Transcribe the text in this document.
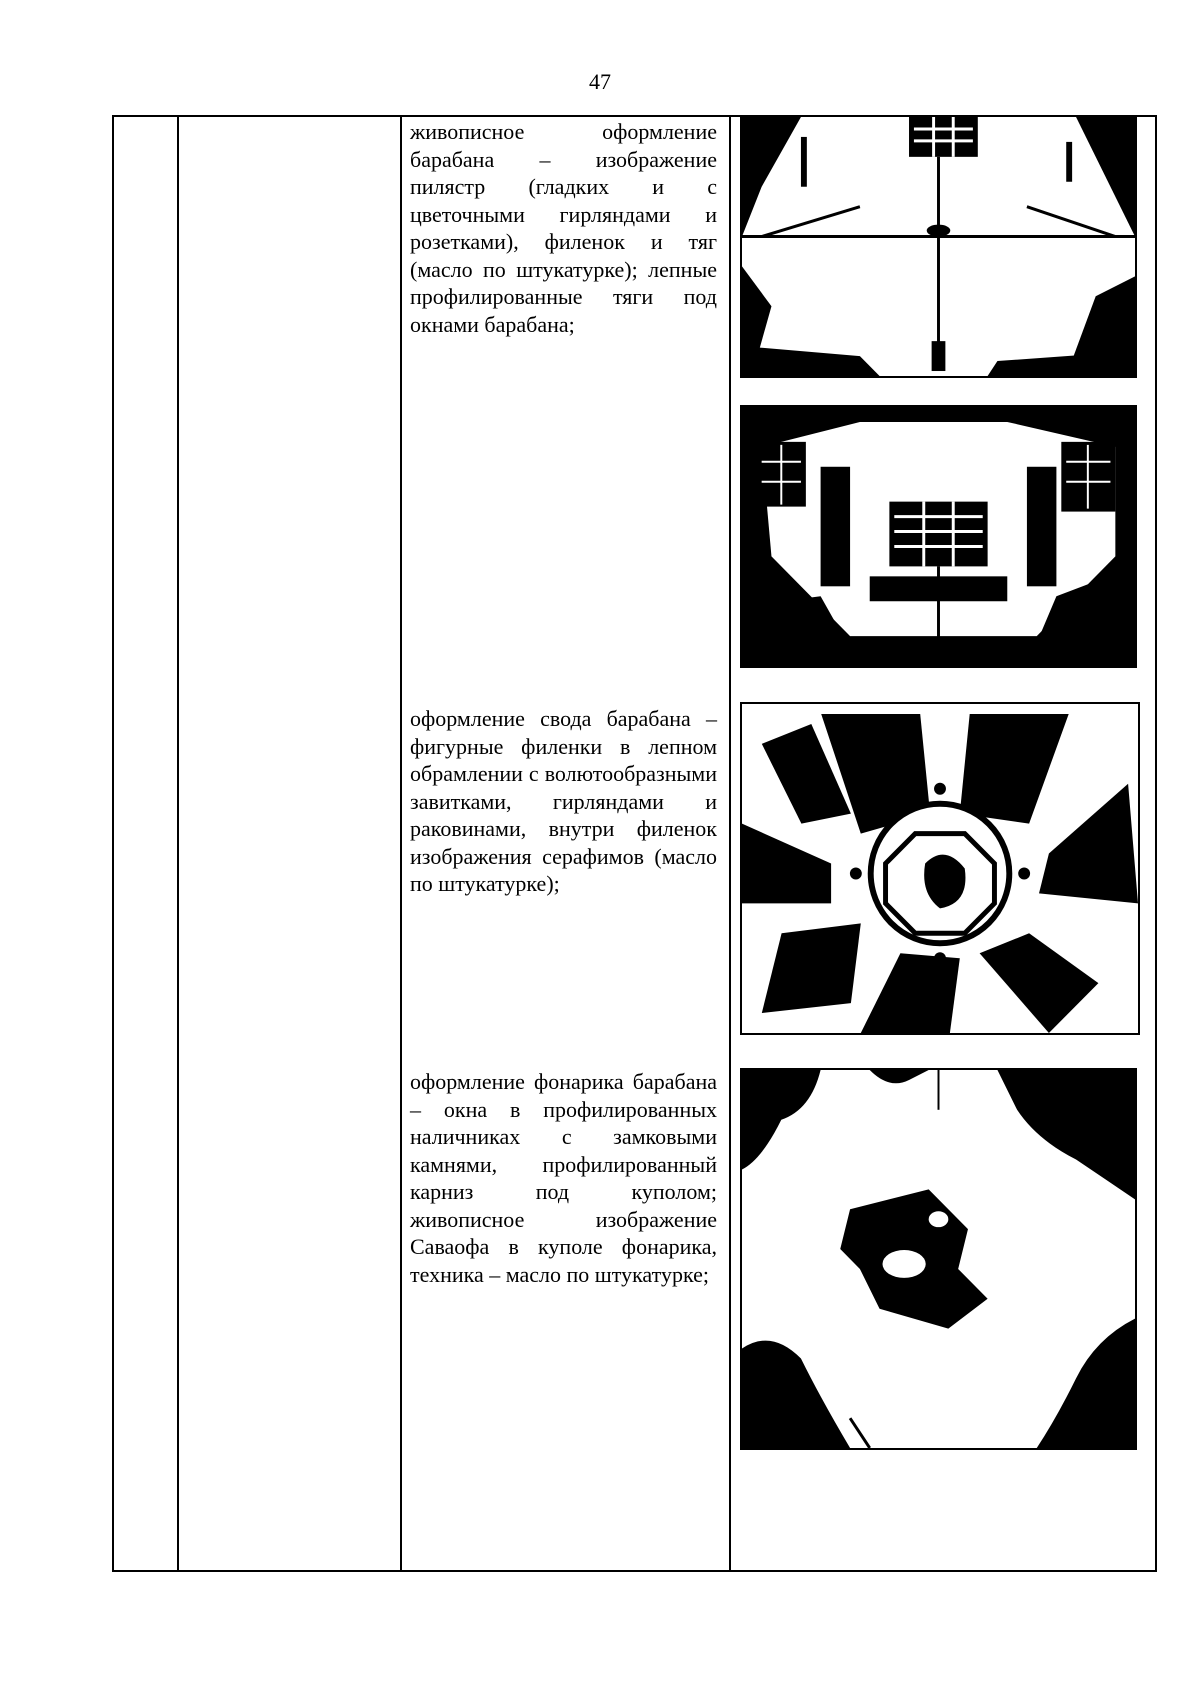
47
живописное оформление барабана – изображение пилястр (гладких и с цветочными гирляндами и розетками), филенок и тяг (масло по штукатурке); лепные профилированные тяги под окнами барабана;
оформление свода барабана – фигурные филенки в лепном обрамлении с волютообразными завитками, гирляндами и раковинами, внутри филенок изображения серафимов (масло по штукатурке);
оформление фонарика барабана – окна в профилированных наличниках с замковыми камнями, профилированный карниз под куполом; живописное изображение Саваофа в куполе фонарика, техника – масло по штукатурке;
